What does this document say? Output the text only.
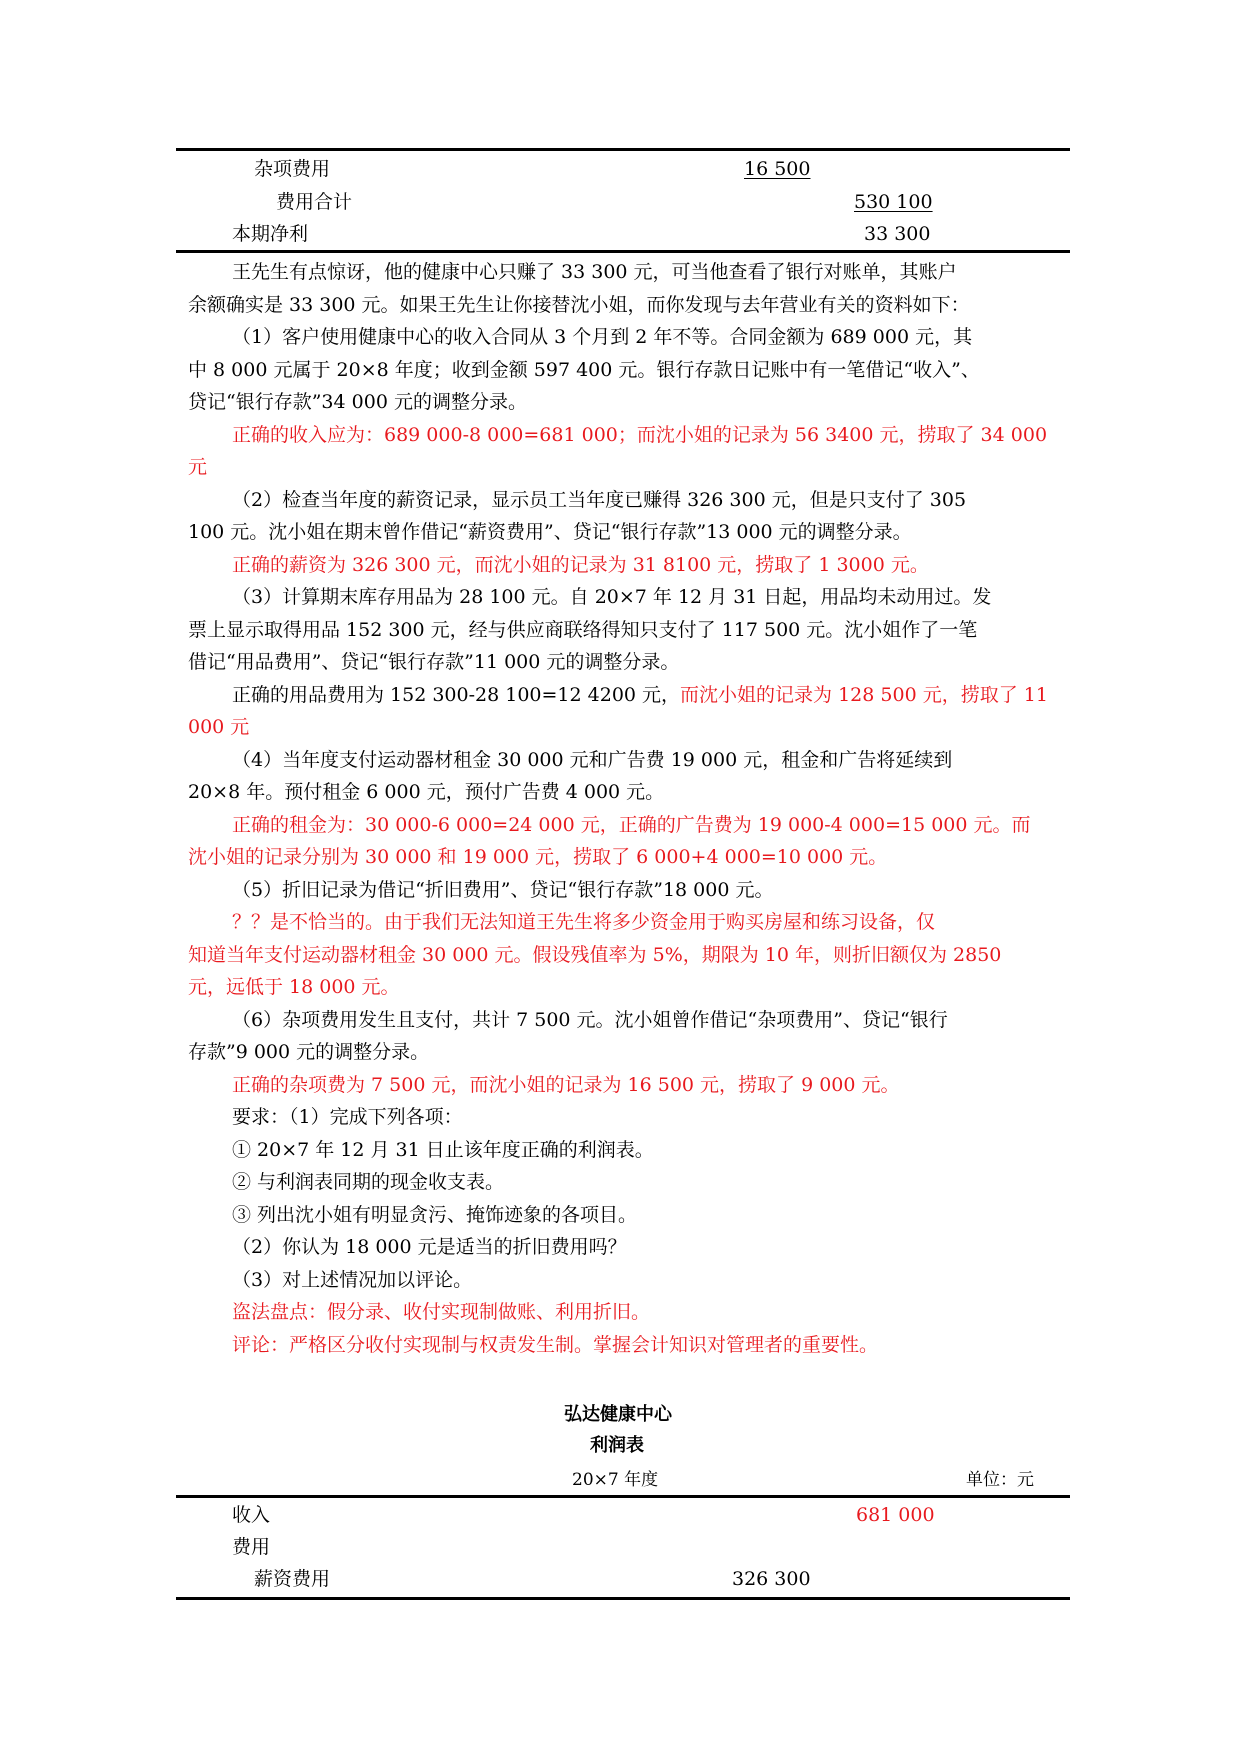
杂项费用	16 500
费用合计	530 100
本期净利	33 300
王先生有点惊讶，他的健康中心只赚了 33 300 元，可当他查看了银行对账单，其账户
余额确实是 33 300 元。如果王先生让你接替沈小姐，而你发现与去年营业有关的资料如下：
（1）客户使用健康中心的收入合同从 3 个月到 2 年不等。合同金额为 689 000 元，其
中 8 000 元属于 20×8 年度；收到金额 597 400 元。银行存款日记账中有一笔借记“收入”、
贷记“银行存款”34 000 元的调整分录。
正确的收入应为：689 000-8 000=681 000；而沈小姐的记录为 56 3400 元，捞取了 34 000
元
（2）检查当年度的薪资记录，显示员工当年度已赚得 326 300 元，但是只支付了 305
100 元。沈小姐在期末曾作借记“薪资费用”、贷记“银行存款”13 000 元的调整分录。
正确的薪资为 326 300 元，而沈小姐的记录为 31 8100 元，捞取了 1 3000 元。
（3）计算期末库存用品为 28 100 元。自 20×7 年 12 月 31 日起，用品均未动用过。发
票上显示取得用品 152 300 元，经与供应商联络得知只支付了 117 500 元。沈小姐作了一笔
借记“用品费用”、贷记“银行存款”11 000 元的调整分录。
正确的用品费用为 152 300-28 100=12 4200 元，而沈小姐的记录为 128 500 元，捞取了 11
000 元
（4）当年度支付运动器材租金 30 000 元和广告费 19 000 元，租金和广告将延续到
20×8 年。预付租金 6 000 元，预付广告费 4 000 元。
正确的租金为：30 000-6 000=24 000 元，正确的广告费为 19 000-4 000=15 000 元。而
沈小姐的记录分别为 30 000 和 19 000 元，捞取了 6 000+4 000=10 000 元。
（5）折旧记录为借记“折旧费用”、贷记“银行存款”18 000 元。
？？是不恰当的。由于我们无法知道王先生将多少资金用于购买房屋和练习设备，仅
知道当年支付运动器材租金 30 000 元。假设残值率为 5%，期限为 10 年，则折旧额仅为 2850
元，远低于 18 000 元。
（6）杂项费用发生且支付，共计 7 500 元。沈小姐曾作借记“杂项费用”、贷记“银行
存款”9 000 元的调整分录。
正确的杂项费为 7 500 元，而沈小姐的记录为 16 500 元，捞取了 9 000 元。
要求：（1）完成下列各项：
① 20×7 年 12 月 31 日止该年度正确的利润表。
② 与利润表同期的现金收支表。
③ 列出沈小姐有明显贪污、掩饰迹象的各项目。
（2）你认为 18 000 元是适当的折旧费用吗？
（3）对上述情况加以评论。
盗法盘点：假分录、收付实现制做账、利用折旧。
评论：严格区分收付实现制与权责发生制。掌握会计知识对管理者的重要性。
弘达健康中心
利润表
20×7 年度	单位：元
收入	681 000
费用
薪资费用	326 300
